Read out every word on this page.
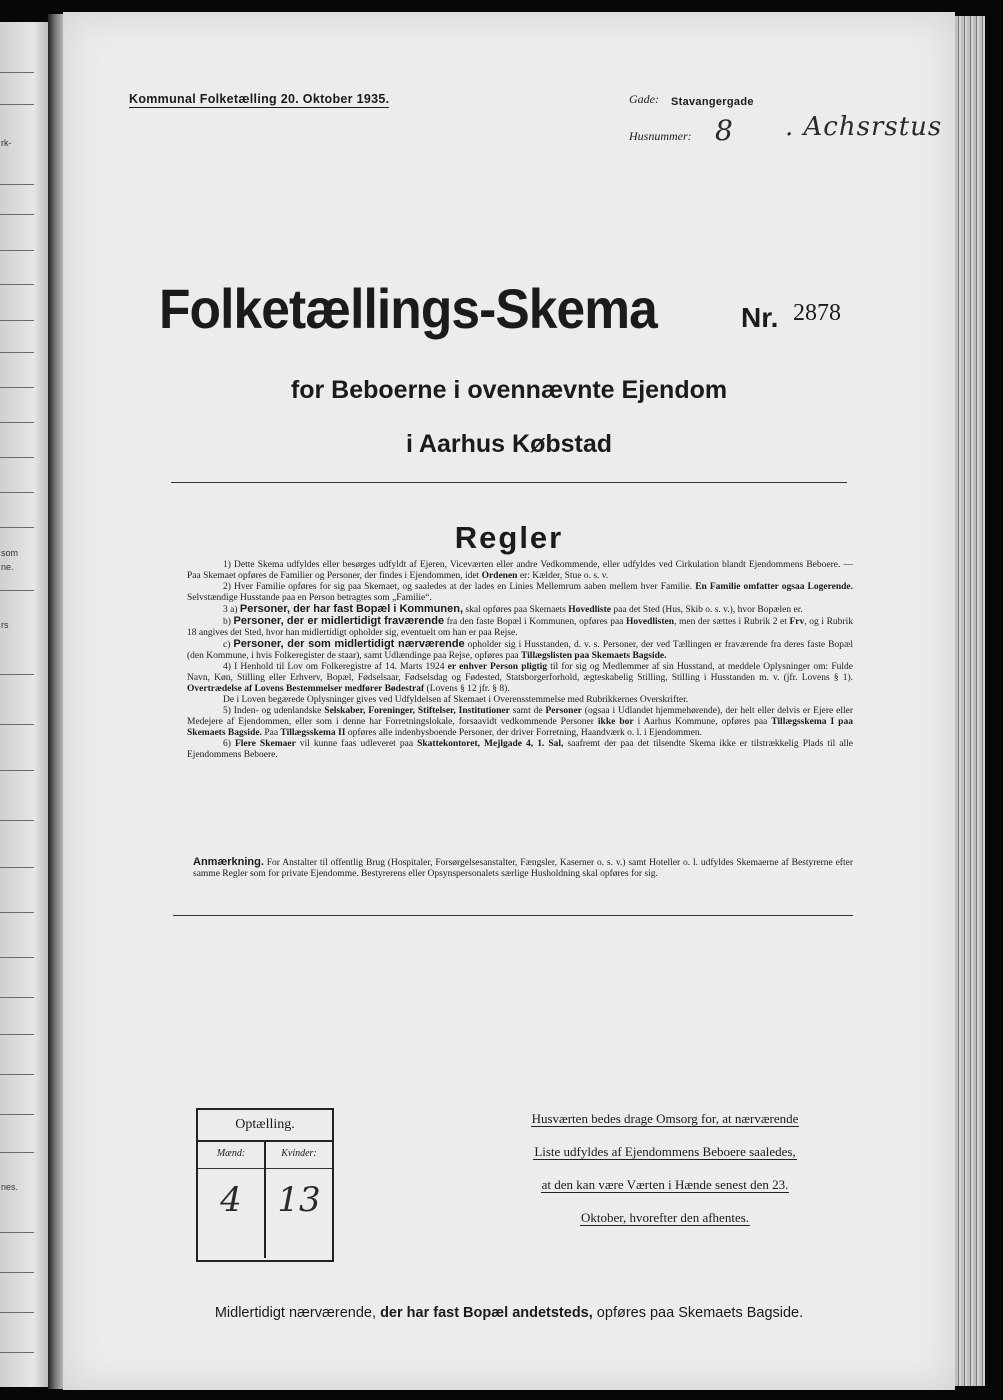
rk-
som
ne.
rs
nes.
Kommunal Folketælling 20. Oktober 1935.	Gade: Stavangergade
Husnummer: 8 . Achsrstus
Folketællings-Skema	Nr. 2878
for Beboerne i ovennævnte Ejendom
i Aarhus Købstad
Regler

1) Dette Skema udfyldes eller besørges udfyldt af Ejeren, Viceværten eller andre Vedkommende, eller udfyldes ved Cirkulation blandt Ejendommens Beboere. — Paa Skemaet opføres de Familier og Personer, der findes i Ejendommen, idet Ordenen er: Kælder, Stue o. s. v.

2) Hver Familie opføres for sig paa Skemaet, og saaledes at der lades en Linies Mellemrum aaben mellem hver Familie. En Familie omfatter ogsaa Logerende. Selvstændige Husstande paa en Person betragtes som „Familie“.

3 a) Personer, der har fast Bopæl i Kommunen, skal opføres paa Skemaets Hovedliste paa det Sted (Hus, Skib o. s. v.), hvor Bopælen er.

b) Personer, der er midlertidigt fraværende fra den faste Bopæl i Kommunen, opføres paa Hovedlisten, men der sættes i Rubrik 2 et Frv, og i Rubrik 18 angives det Sted, hvor han midlertidigt opholder sig, eventuelt om han er paa Rejse.

c) Personer, der som midlertidigt nærværende opholder sig i Husstanden, d. v. s. Personer, der ved Tællingen er fraværende fra deres faste Bopæl (den Kommune, i hvis Folkeregister de staar), samt Udlændinge paa Rejse, opføres paa Tillægslisten paa Skemaets Bagside.

4) I Henhold til Lov om Folkeregistre af 14. Marts 1924 er enhver Person pligtig til for sig og Medlemmer af sin Husstand, at meddele Oplysninger om: Fulde Navn, Køn, Stilling eller Erhverv, Bopæl, Fødselsaar, Fødselsdag og Fødested, Statsborgerforhold, ægteskabelig Stilling, Stilling i Husstanden m. v. (jfr. Lovens § 1). Overtrædelse af Lovens Bestemmelser medfører Bødestraf (Lovens § 12 jfr. § 8).

De i Loven begærede Oplysninger gives ved Udfyldelsen af Skemaet i Overensstemmelse med Rubrikkernes Overskrifter.

5) Inden- og udenlandske Selskaber, Foreninger, Stiftelser, Institutioner samt de Personer (ogsaa i Udlandet hjemmehørende), der helt eller delvis er Ejere eller Medejere af Ejendommen, eller som i denne har Forretningslokale, forsaavidt vedkommende Personer ikke bor i Aarhus Kommune, opføres paa Tillægsskema I paa Skemaets Bagside. Paa Tillægsskema II opføres alle indenbysboende Personer, der driver Forretning, Haandværk o. l. i Ejendommen.

6) Flere Skemaer vil kunne faas udleveret paa Skattekontoret, Mejlgade 4, 1. Sal, saafremt der paa det tilsendte Skema ikke er tilstrækkelig Plads til alle Ejendommens Beboere.

Anmærkning. For Anstalter til offentlig Brug (Hospitaler, Forsørgelsesanstalter, Fængsler, Kaserner o. s. v.) samt Hoteller o. l. udfyldes Skemaerne af Bestyrerne efter samme Regler som for private Ejendomme. Bestyrerens eller Opsynspersonalets særlige Husholdning skal opføres for sig.
Optælling.
Mænd:
4
Kvinder:
13
Husværten bedes drage Omsorg for, at nærværende
Liste udfyldes af Ejendommens Beboere saaledes,
at den kan være Værten i Hænde senest den 23.
Oktober, hvorefter den afhentes.
Midlertidigt nærværende, der har fast Bopæl andetsteds, opføres paa Skemaets Bagside.
